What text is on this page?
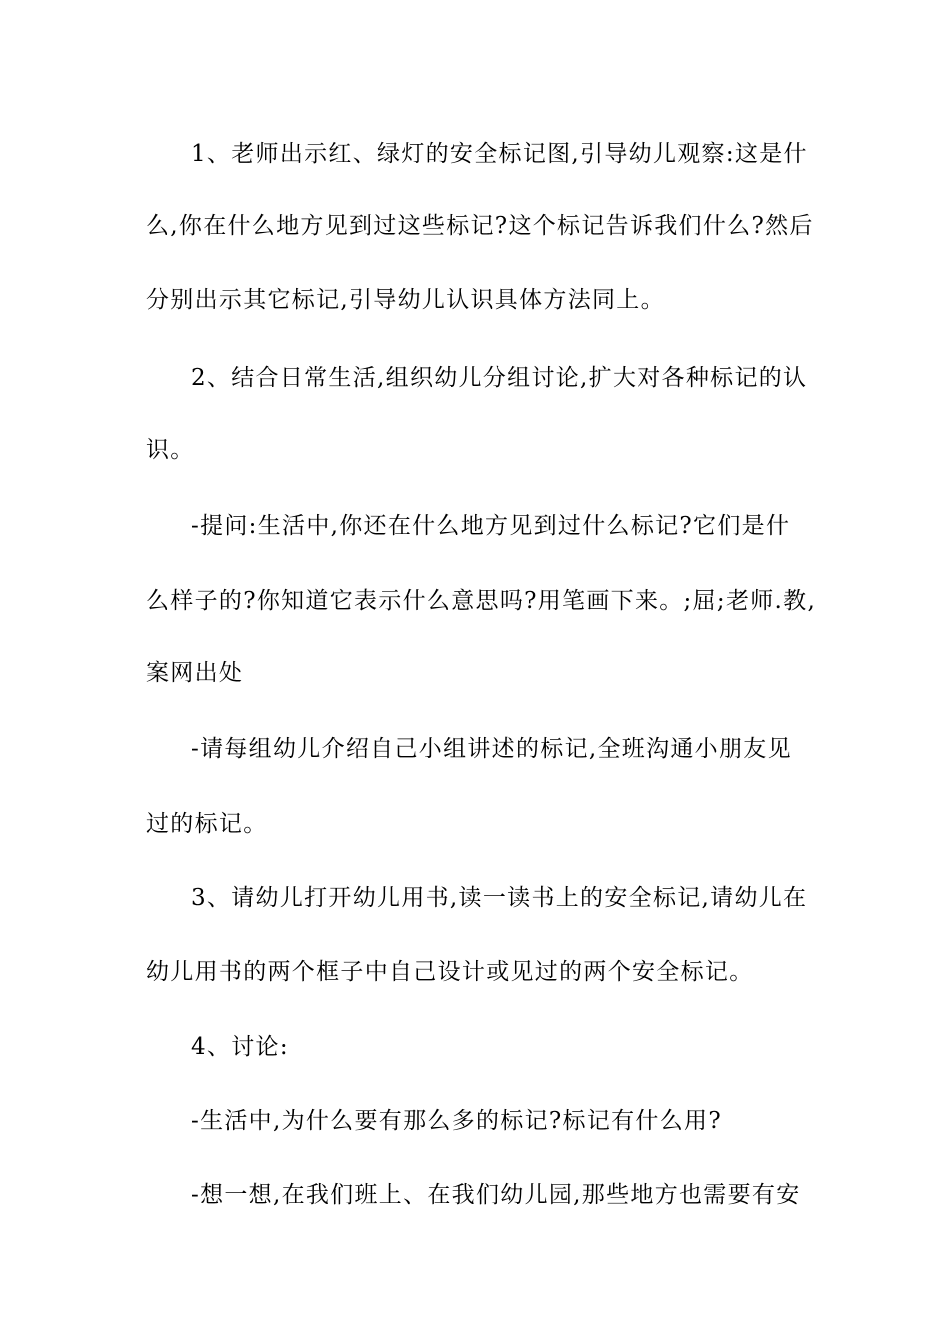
1、老师出示红、绿灯的安全标记图,引导幼儿观察:这是什
么,你在什么地方见到过这些标记?这个标记告诉我们什么?然后
分别出示其它标记,引导幼儿认识具体方法同上。
2、结合日常生活,组织幼儿分组讨论,扩大对各种标记的认
识。
-提问:生活中,你还在什么地方见到过什么标记?它们是什
么样子的?你知道它表示什么意思吗?用笔画下来。;屈;老师.教,
案网出处
-请每组幼儿介绍自己小组讲述的标记,全班沟通小朋友见
过的标记。
3、请幼儿打开幼儿用书,读一读书上的安全标记,请幼儿在
幼儿用书的两个框子中自己设计或见过的两个安全标记。
4、讨论:
-生活中,为什么要有那么多的标记?标记有什么用?
-想一想,在我们班上、在我们幼儿园,那些地方也需要有安
